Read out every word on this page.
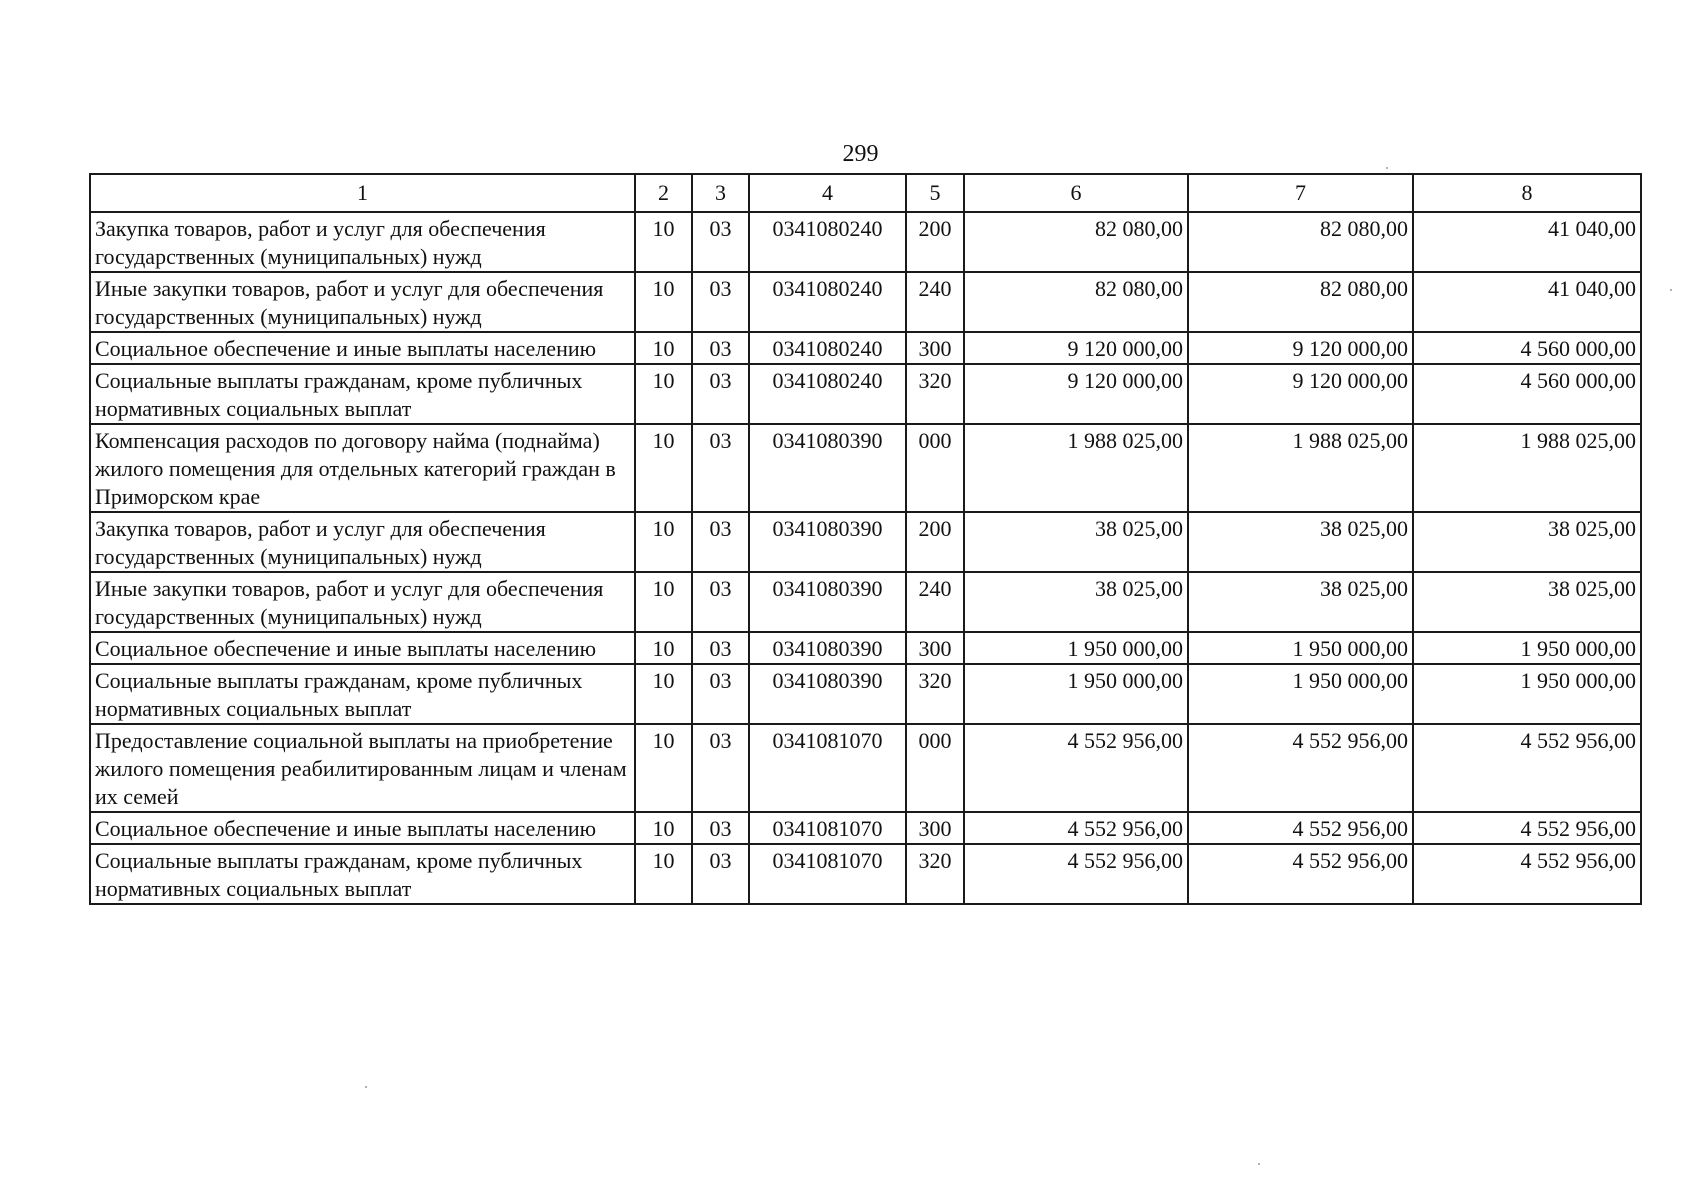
299
1	2	3	4	5	6	7	8
Закупка товаров, работ и услуг для обеспечения государственных (муниципальных) нужд	10	03	0341080240	200	82 080,00	82 080,00	41 040,00
Иные закупки товаров, работ и услуг для обеспечения государственных (муниципальных) нужд	10	03	0341080240	240	82 080,00	82 080,00	41 040,00
Социальное обеспечение и иные выплаты населению	10	03	0341080240	300	9 120 000,00	9 120 000,00	4 560 000,00
Социальные выплаты гражданам, кроме публичных нормативных социальных выплат	10	03	0341080240	320	9 120 000,00	9 120 000,00	4 560 000,00
Компенсация расходов по договору найма (поднайма) жилого помещения для отдельных категорий граждан в Приморском крае	10	03	0341080390	000	1 988 025,00	1 988 025,00	1 988 025,00
Закупка товаров, работ и услуг для обеспечения государственных (муниципальных) нужд	10	03	0341080390	200	38 025,00	38 025,00	38 025,00
Иные закупки товаров, работ и услуг для обеспечения государственных (муниципальных) нужд	10	03	0341080390	240	38 025,00	38 025,00	38 025,00
Социальное обеспечение и иные выплаты населению	10	03	0341080390	300	1 950 000,00	1 950 000,00	1 950 000,00
Социальные выплаты гражданам, кроме публичных нормативных социальных выплат	10	03	0341080390	320	1 950 000,00	1 950 000,00	1 950 000,00
Предоставление социальной выплаты на приобретение жилого помещения реабилитированным лицам и членам их семей	10	03	0341081070	000	4 552 956,00	4 552 956,00	4 552 956,00
Социальное обеспечение и иные выплаты населению	10	03	0341081070	300	4 552 956,00	4 552 956,00	4 552 956,00
Социальные выплаты гражданам, кроме публичных нормативных социальных выплат	10	03	0341081070	320	4 552 956,00	4 552 956,00	4 552 956,00
